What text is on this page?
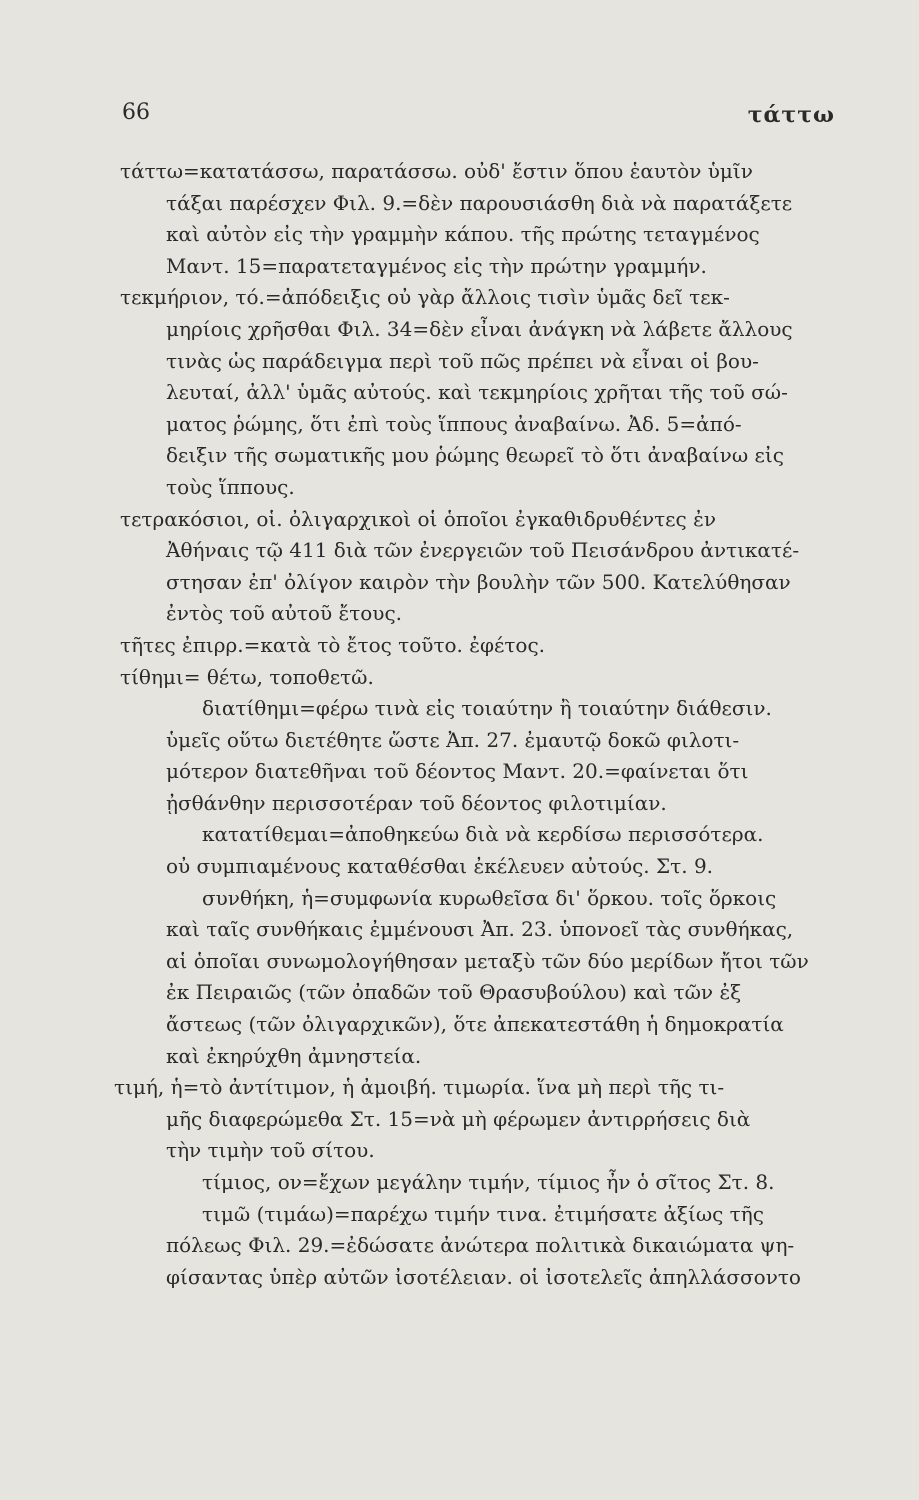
66	τάττω
τάττω=κατατάσσω, παρατάσσω. οὐδ' ἔστιν ὅπου ἑαυτὸν ὑμῖν
τάξαι παρέσχεν Φιλ. 9.=δὲν παρουσιάσθη διὰ νὰ παρατάξετε
καὶ αὐτὸν εἰς τὴν γραμμὴν κάπου. τῆς πρώτης τεταγμένος
Μαντ. 15=παρατεταγμένος εἰς τὴν πρώτην γραμμήν.
τεκμήριον, τό.=ἀπόδειξις οὐ γὰρ ἄλλοις τισὶν ὑμᾶς δεῖ τεκ-
μηρίοις χρῆσθαι Φιλ. 34=δὲν εἶναι ἀνάγκη νὰ λάβετε ἄλλους
τινὰς ὡς παράδειγμα περὶ τοῦ πῶς πρέπει νὰ εἶναι οἱ βου-
λευταί, ἀλλ' ὑμᾶς αὐτούς. καὶ τεκμηρίοις χρῆται τῆς τοῦ σώ-
ματος ῥώμης, ὅτι ἐπὶ τοὺς ἵππους ἀναβαίνω. Ἀδ. 5=ἀπό-
δειξιν τῆς σωματικῆς μου ῥώμης θεωρεῖ τὸ ὅτι ἀναβαίνω εἰς
τοὺς ἵππους.
τετρακόσιοι, οἱ. ὀλιγαρχικοὶ οἱ ὁποῖοι ἐγκαθιδρυθέντες ἐν
Ἀθήναις τῷ 411 διὰ τῶν ἐνεργειῶν τοῦ Πεισάνδρου ἀντικατέ-
στησαν ἐπ' ὀλίγον καιρὸν τὴν βουλὴν τῶν 500. Κατελύθησαν
ἐντὸς τοῦ αὐτοῦ ἔτους.
τῆτες ἐπιρρ.=κατὰ τὸ ἔτος τοῦτο. ἐφέτος.
τίθημι= θέτω, τοποθετῶ.
διατίθημι=φέρω τινὰ εἰς τοιαύτην ἢ τοιαύτην διάθεσιν.
ὑμεῖς οὕτω διετέθητε ὥστε Ἀπ. 27. ἐμαυτῷ δοκῶ φιλοτι-
μότερον διατεθῆναι τοῦ δέοντος Μαντ. 20.=φαίνεται ὅτι
ᾐσθάνθην περισσοτέραν τοῦ δέοντος φιλοτιμίαν.
κατατίθεμαι=ἀποθηκεύω διὰ νὰ κερδίσω περισσότερα.
οὐ συμπιαμένους καταθέσθαι ἐκέλευεν αὐτούς. Στ. 9.
συνθήκη, ἡ=συμφωνία κυρωθεῖσα δι' ὅρκου. τοῖς ὅρκοις
καὶ ταῖς συνθήκαις ἐμμένουσι Ἀπ. 23. ὑπονοεῖ τὰς συνθήκας,
αἱ ὁποῖαι συνωμολογήθησαν μεταξὺ τῶν δύο μερίδων ἤτοι τῶν
ἐκ Πειραιῶς (τῶν ὀπαδῶν τοῦ Θρασυβούλου) καὶ τῶν ἐξ
ἄστεως (τῶν ὀλιγαρχικῶν), ὅτε ἀπεκατεστάθη ἡ δημοκρατία
καὶ ἐκηρύχθη ἀμνηστεία.
τιμή, ἡ=τὸ ἀντίτιμον, ἡ ἀμοιβή. τιμωρία. ἵνα μὴ περὶ τῆς τι-
μῆς διαφερώμεθα Στ. 15=νὰ μὴ φέρωμεν ἀντιρρήσεις διὰ
τὴν τιμὴν τοῦ σίτου.
τίμιος, ον=ἔχων μεγάλην τιμήν, τίμιος ἦν ὁ σῖτος Στ. 8.
τιμῶ (τιμάω)=παρέχω τιμήν τινα. ἐτιμήσατε ἀξίως τῆς
πόλεως Φιλ. 29.=ἐδώσατε ἀνώτερα πολιτικὰ δικαιώματα ψη-
φίσαντας ὑπὲρ αὐτῶν ἰσοτέλειαν. οἱ ἰσοτελεῖς ἀπηλλάσσοντο
